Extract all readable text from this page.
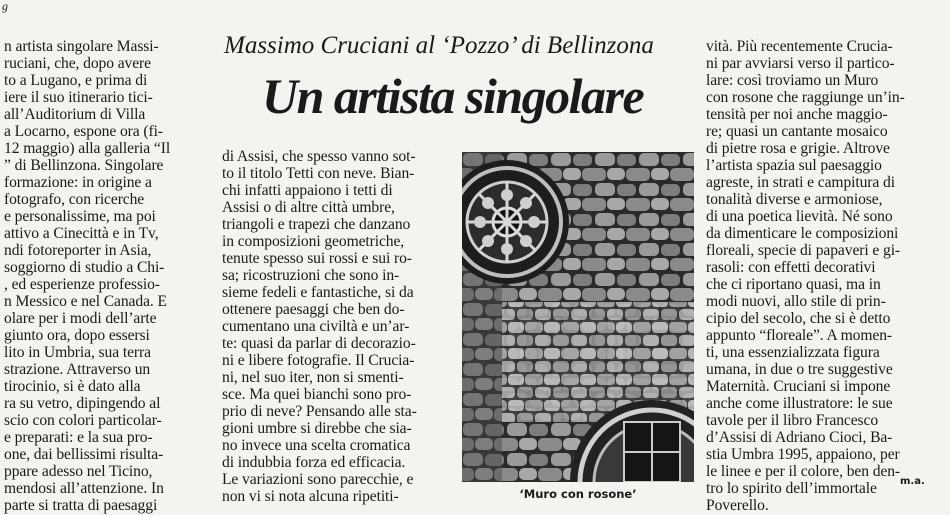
g
n artista singolare Massi-
ruciani, che, dopo avere
to a Lugano, e prima di
iere il suo itinerario tici-
all’Auditorium di Villa
a Locarno, espone ora (fi-
12 maggio) alla galleria “Il
” di Bellinzona. Singolare
formazione: in origine a
fotografo, con ricerche
e personalissime, ma poi
attivo a Cinecittà e in Tv,
ndi fotoreporter in Asia,
soggiorno di studio a Chi-
, ed esperienze professio-
n Messico e nel Canada. E
olare per i modi dell’arte
giunto ora, dopo essersi
lito in Umbria, sua terra
strazione. Attraverso un
tirocinio, si è dato alla
ra su vetro, dipingendo al
scio con colori particolar-
e preparati: e la sua pro-
one, dai bellissimi risulta-
ppare adesso nel Ticino,
mendosi all’attenzione. In
parte si tratta di paesaggi
Massimo Cruciani al ‘Pozzo’ di Bellinzona
Un artista singolare
di Assisi, che spesso vanno sot-
to il titolo Tetti con neve. Bian-
chi infatti appaiono i tetti di
Assisi o di altre città umbre,
triangoli e trapezi che danzano
in composizioni geometriche,
tenute spesso sui rossi e sui ro-
sa; ricostruzioni che sono in-
sieme fedeli e fantastiche, si da
ottenere paesaggi che ben do-
cumentano una civiltà e un’ar-
te: quasi da parlar di decorazio-
ni e libere fotografie. Il Crucia-
ni, nel suo iter, non si smenti-
sce. Ma quei bianchi sono pro-
prio di neve? Pensando alle sta-
gioni umbre si direbbe che sia-
no invece una scelta cromatica
di indubbia forza ed efficacia.
Le variazioni sono parecchie, e
non vi si nota alcuna ripetiti-	‘Muro con rosone’
vità. Più recentemente Crucia-
ni par avviarsi verso il partico-
lare: così troviamo un Muro
con rosone che raggiunge un’in-
tensità per noi anche maggio-
re; quasi un cantante mosaico
di pietre rosa e grigie. Altrove
l’artista spazia sul paesaggio
agreste, in strati e campitura di
tonalità diverse e armoniose,
di una poetica lievità. Né sono
da dimenticare le composizioni
floreali, specie di papaveri e gi-
rasoli: con effetti decorativi
che ci riportano quasi, ma in
modi nuovi, allo stile di prin-
cipio del secolo, che si è detto
appunto “floreale”. A momen-
ti, una essenzializzata figura
umana, in due o tre suggestive
Maternità. Cruciani si impone
anche come illustratore: le sue
tavole per il libro Francesco
d’Assisi di Adriano Cioci, Ba-
stia Umbra 1995, appaiono, per
le linee e per il colore, ben den-
tro lo spirito dell’immortale
Poverello.
m.a.
